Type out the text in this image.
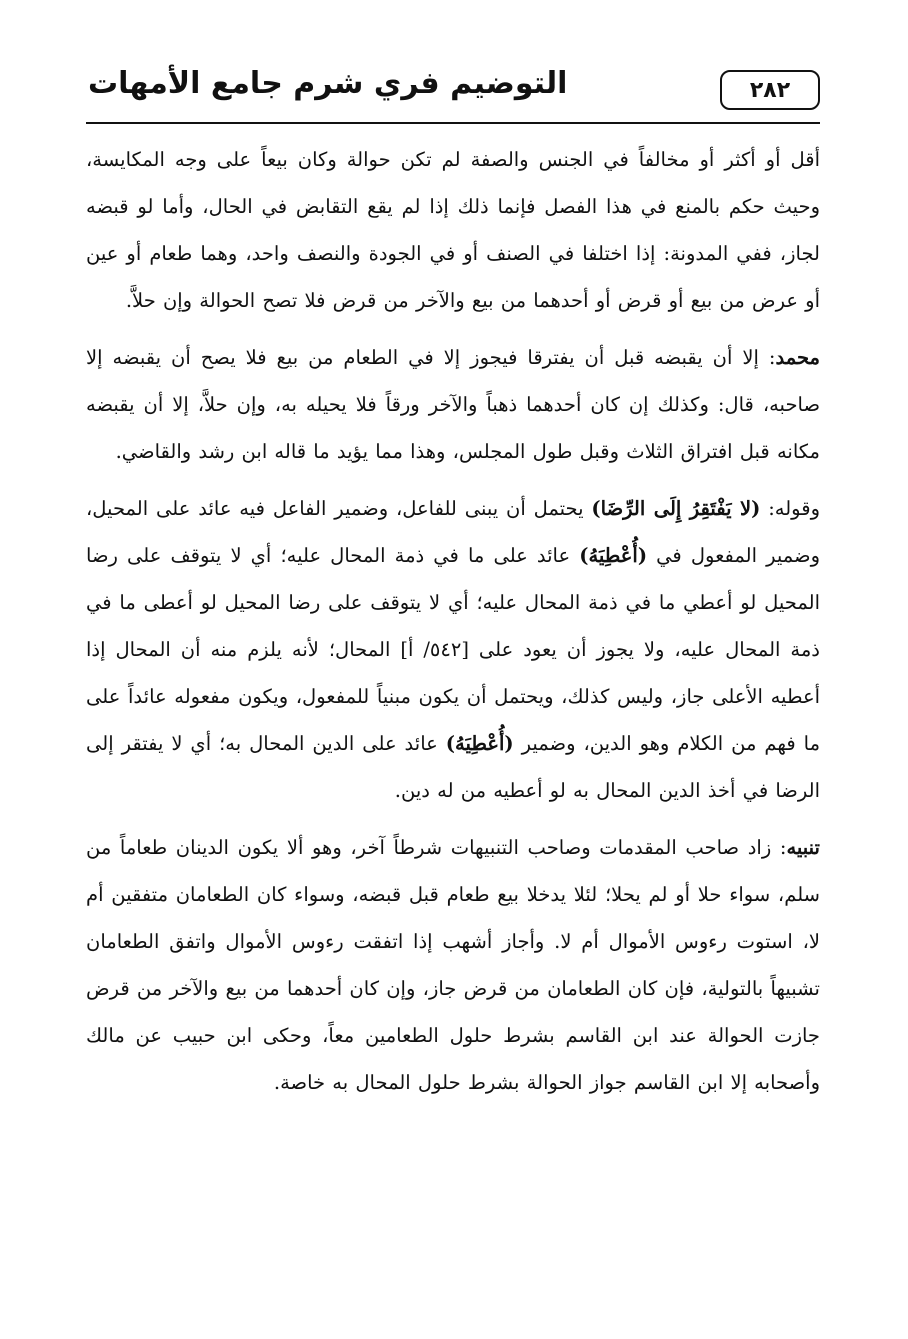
٢٨٢
التوضيم فري شرم جامع الأمهات

أقل أو أكثر أو مخالفاً في الجنس والصفة لم تكن حوالة وكان بيعاً على وجه المكايسة، وحيث حكم بالمنع في هذا الفصل فإنما ذلك إذا لم يقع التقابض في الحال، وأما لو قبضه لجاز، ففي المدونة: إذا اختلفا في الصنف أو في الجودة والنصف واحد، وهما طعام أو عين أو عرض من بيع أو قرض أو أحدهما من بيع والآخر من قرض فلا تصح الحوالة وإن حلاَّ.

محمد: إلا أن يقبضه قبل أن يفترقا فيجوز إلا في الطعام من بيع فلا يصح أن يقبضه إلا صاحبه، قال: وكذلك إن كان أحدهما ذهباً والآخر ورقاً فلا يحيله به، وإن حلاَّ، إلا أن يقبضه مكانه قبل افتراق الثلاث وقبل طول المجلس، وهذا مما يؤيد ما قاله ابن رشد والقاضي.

وقوله: (لا يَفْتَقِرُ إِلَى الرِّضَا) يحتمل أن يبنى للفاعل، وضمير الفاعل فيه عائد على المحيل، وضمير المفعول في (أُعْطِيَهُ) عائد على ما في ذمة المحال عليه؛ أي لا يتوقف على رضا المحيل لو أعطي ما في ذمة المحال عليه؛ أي لا يتوقف على رضا المحيل لو أعطى ما في ذمة المحال عليه، ولا يجوز أن يعود على [٥٤٢/ أ] المحال؛ لأنه يلزم منه أن المحال إذا أعطيه الأعلى جاز، وليس كذلك، ويحتمل أن يكون مبنياً للمفعول، ويكون مفعوله عائداً على ما فهم من الكلام وهو الدين، وضمير (أُعْطِيَهُ) عائد على الدين المحال به؛ أي لا يفتقر إلى الرضا في أخذ الدين المحال به لو أعطيه من له دين.

تنبيه: زاد صاحب المقدمات وصاحب التنبيهات شرطاً آخر، وهو ألا يكون الدينان طعاماً من سلم، سواء حلا أو لم يحلا؛ لئلا يدخلا بيع طعام قبل قبضه، وسواء كان الطعامان متفقين أم لا، استوت رءوس الأموال أم لا. وأجاز أشهب إذا اتفقت رءوس الأموال واتفق الطعامان تشبيهاً بالتولية، فإن كان الطعامان من قرض جاز، وإن كان أحدهما من بيع والآخر من قرض جازت الحوالة عند ابن القاسم بشرط حلول الطعامين معاً، وحكى ابن حبيب عن مالك وأصحابه إلا ابن القاسم جواز الحوالة بشرط حلول المحال به خاصة.
